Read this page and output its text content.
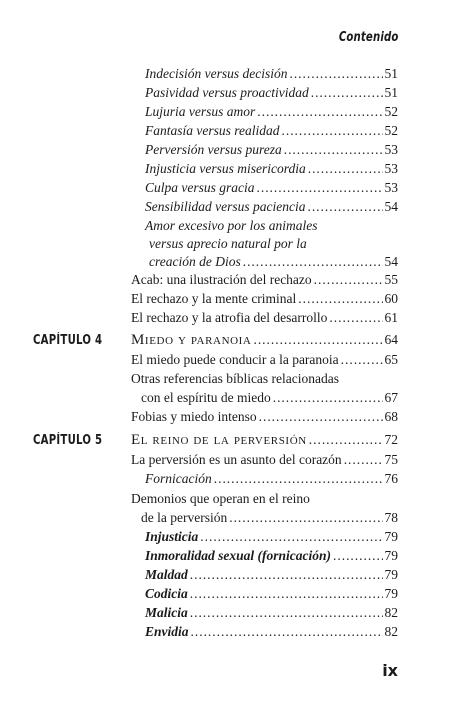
Contenido
Indecisión versus decisión . . .	51
Pasividad versus proactividad . . .	51
Lujuria versus amor . . .	52
Fantasía versus realidad . . .	52
Perversión versus pureza . . .	53
Injusticia versus misericordia . . .	53
Culpa versus gracia . . .	53
Sensibilidad versus paciencia . . .	54
Amor excesivo por los animales
versus aprecio natural por la
creación de Dios . . .	54
Acab: una ilustración del rechazo . . .	55
El rechazo y la mente criminal . . .	60
El rechazo y la atrofia del desarrollo . . .	61
CAPÍTULO 4 Miedo y paranoia . . .	64
El miedo puede conducir a la paranoia . . .	65
Otras referencias bíblicas relacionadas
con el espíritu de miedo . . .	67
Fobias y miedo intenso . . .	68
CAPÍTULO 5 El reino de la perversión . . .	72
La perversión es un asunto del corazón . . .	75
Fornicación . . .	76
Demonios que operan en el reino
de la perversión . . .	78
Injusticia . . .	79
Inmoralidad sexual (fornicación) . . .	79
Maldad . . .	79
Codicia . . .	79
Malicia . . .	82
Envidia . . .	82
ix
